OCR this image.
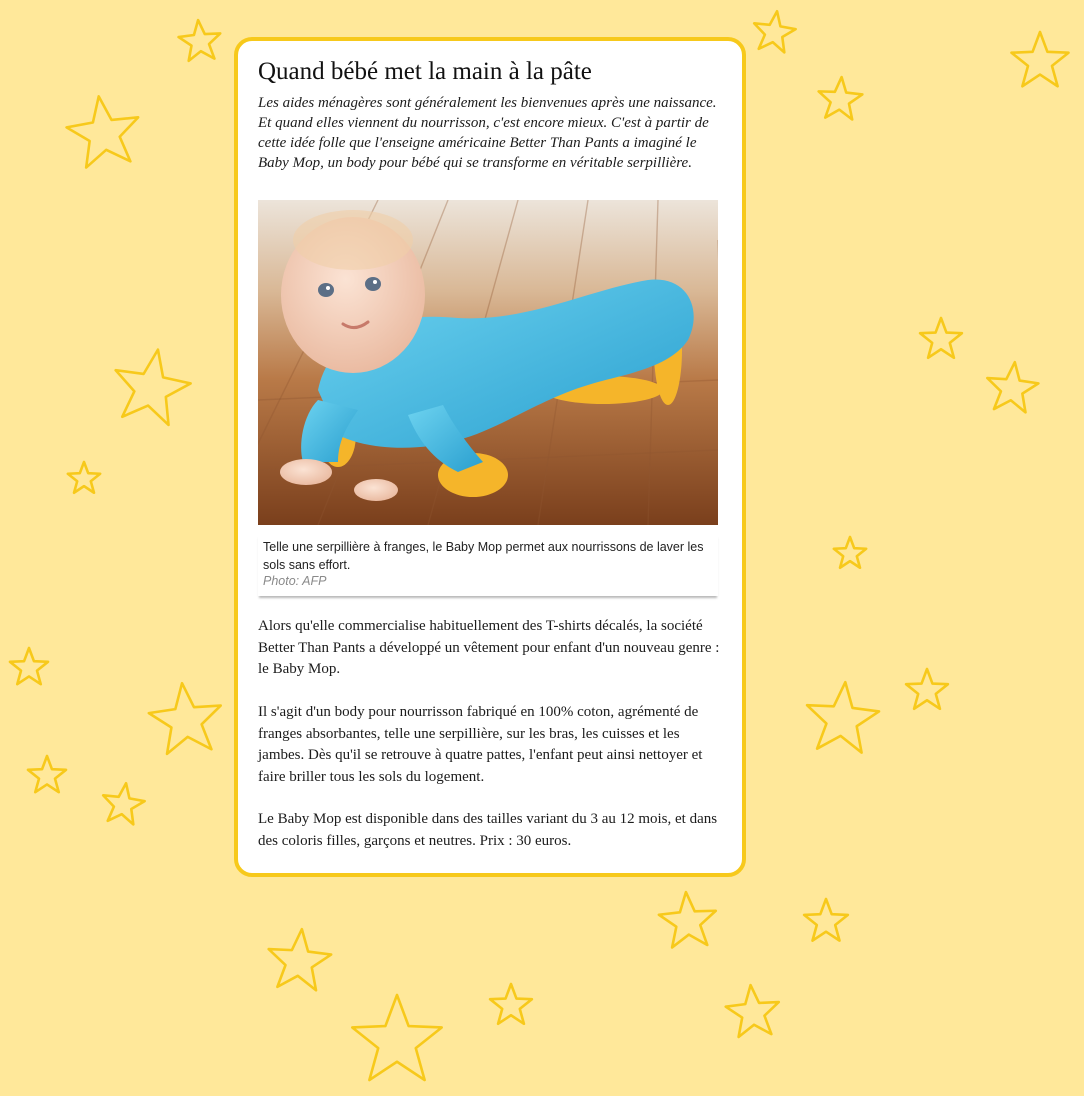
Quand bébé met la main à la pâte

Les aides ménagères sont généralement les bienvenues après une naissance. Et quand elles viennent du nourrisson, c'est encore mieux. C'est à partir de cette idée folle que l'enseigne américaine Better Than Pants a imaginé le Baby Mop, un body pour bébé qui se transforme en véritable serpillière.

Telle une serpillière à franges, le Baby Mop permet aux nourrissons de laver les sols sans effort.

Photo: AFP

Alors qu'elle commercialise habituellement des T-shirts décalés, la société Better Than Pants a développé un vêtement pour enfant d'un nouveau genre : le Baby Mop.

Il s'agit d'un body pour nourrisson fabriqué en 100% coton, agrémenté de franges absorbantes, telle une serpillière, sur les bras, les cuisses et les jambes. Dès qu'il se retrouve à quatre pattes, l'enfant peut ainsi nettoyer et faire briller tous les sols du logement.

Le Baby Mop est disponible dans des tailles variant du 3 au 12 mois, et dans des coloris filles, garçons et neutres. Prix : 30 euros.
